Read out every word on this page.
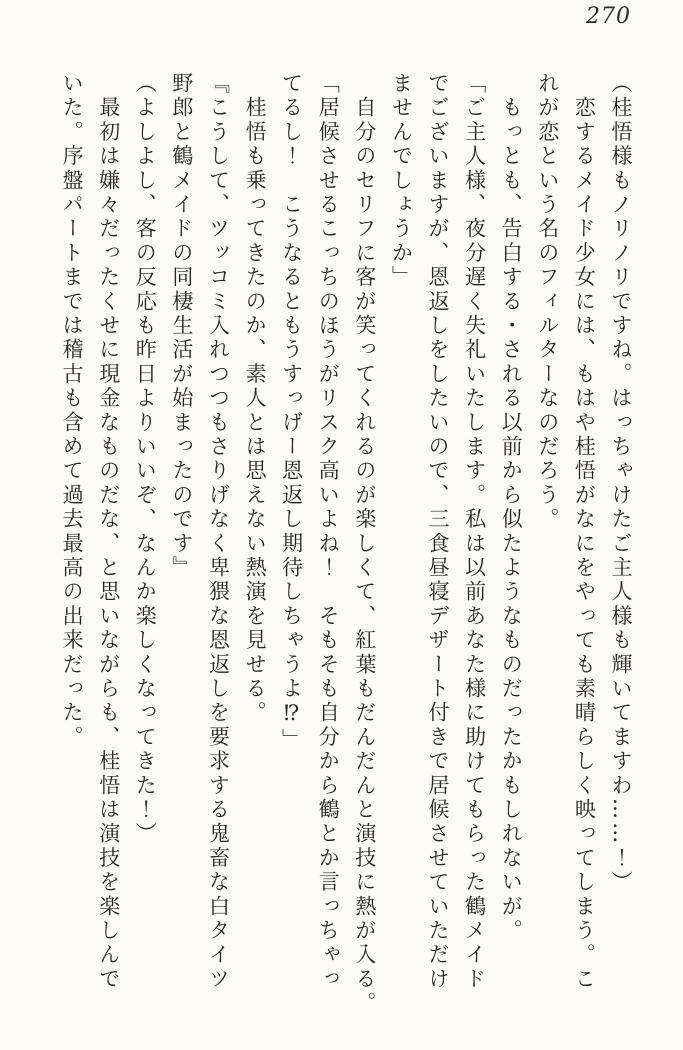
270

（桂悟様もノリノリですね。はっちゃけたご主人様も輝いてますわ……！）

　恋するメイド少女には、もはや桂悟がなにをやっても素晴らしく映ってしまう。こ

れが恋という名のフィルターなのだろう。

　もっとも、告白する・される以前から似たようなものだったかもしれないが。

「ご主人様、夜分遅く失礼いたします。私は以前あなた様に助けてもらった鶴メイド

でございますが、恩返しをしたいので、三食昼寝デザート付きで居候させていただけ

ませんでしょうか」

　自分のセリフに客が笑ってくれるのが楽しくて、紅葉もだんだんと演技に熱が入る。

「居候させるこっちのほうがリスク高いよね！　そもそも自分から鶴とか言っちゃっ

てるし！　こうなるともうすっげー恩返し期待しちゃうよ⁉」

　桂悟も乗ってきたのか、素人とは思えない熱演を見せる。

『こうして、ツッコミ入れつつもさりげなく卑猥な恩返しを要求する鬼畜な白タイツ

野郎と鶴メイドの同棲生活が始まったのです』

（よしよし、客の反応も昨日よりいいぞ、なんか楽しくなってきた！）

　最初は嫌々だったくせに現金なものだな、と思いながらも、桂悟は演技を楽しんで

いた。序盤パートまでは稽古も含めて過去最高の出来だった。
